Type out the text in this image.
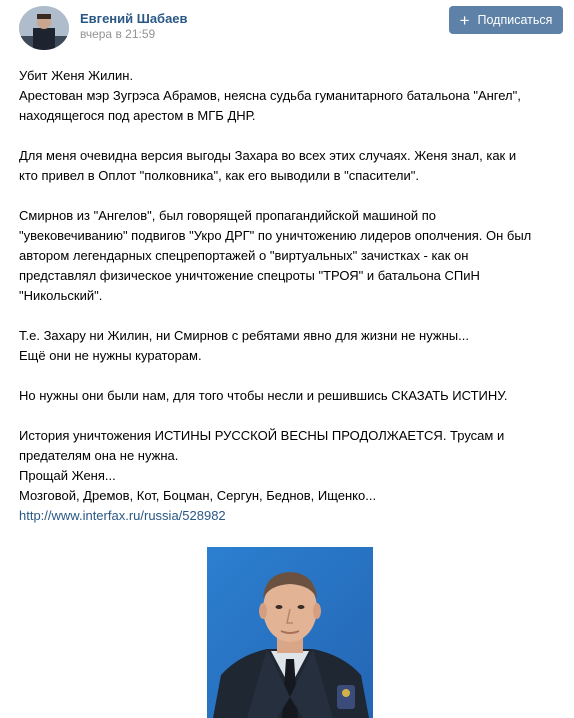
Евгений Шабаев
вчера в 21:59
+ Подписаться
Убит Женя Жилин.
Арестован мэр Зугрэса Абрамов, неясна судьба гуманитарного батальона "Ангел",
находящегося под арестом в МГБ ДНР.
Для меня очевидна версия выгоды Захара во всех этих случаях. Женя знал, как и
кто привел в Оплот "полковника", как его выводили в "спасители".
Смирнов из "Ангелов", был говорящей пропагандийской машиной по
"увековечиванию" подвигов "Укро ДРГ" по уничтожению лидеров ополчения. Он был
автором легендарных спецрепортажей о "виртуальных" зачистках - как он
представлял физическое уничтожение спецроты "ТРОЯ" и батальона СПиН
"Никольский".
Т.е. Захару ни Жилин, ни Смирнов с ребятами явно для жизни не нужны...
Ещё они не нужны кураторам.
Но нужны они были нам, для того чтобы несли и решившись СКАЗАТЬ ИСТИНУ.
История уничтожения ИСТИНЫ РУССКОЙ ВЕСНЫ ПРОДОЛЖАЕТСЯ. Трусам и
предателям она не нужна.
Прощай Женя...
Мозговой, Дремов, Кот, Боцман, Сергун, Беднов, Ищенко...
http://www.interfax.ru/russia/528982
